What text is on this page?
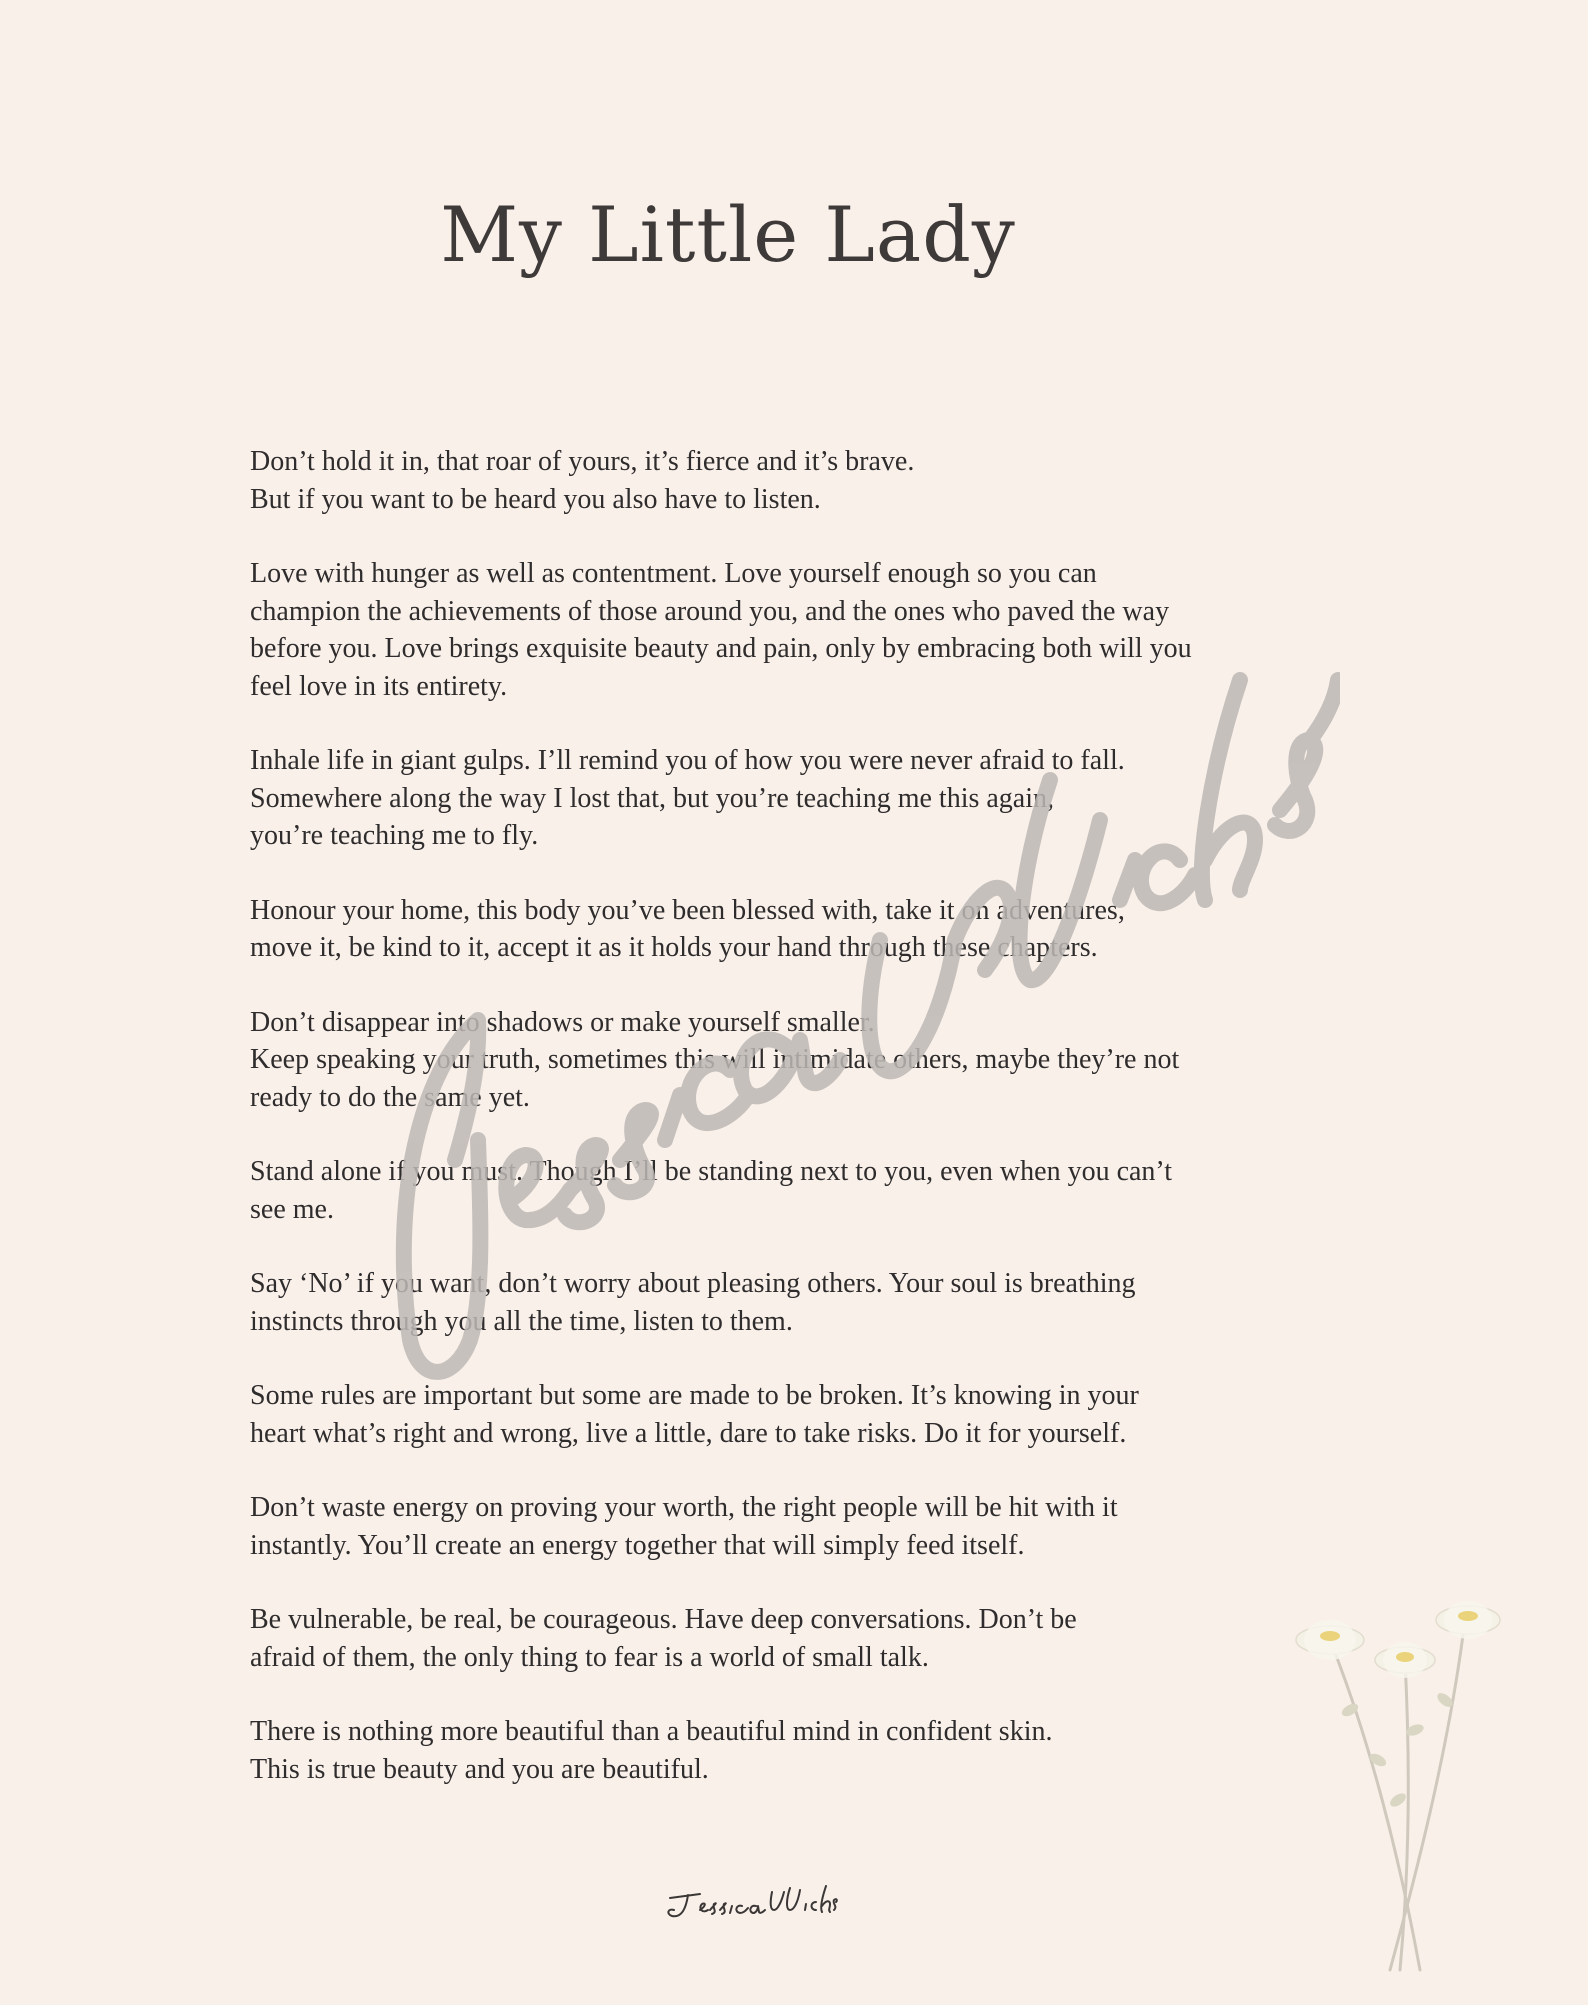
My Little Lady
Don’t hold it in, that roar of yours, it’s fierce and it’s brave.
But if you want to be heard you also have to listen.
Love with hunger as well as contentment. Love yourself enough so you can
champion the achievements of those around you, and the ones who paved the way
before you. Love brings exquisite beauty and pain, only by embracing both will you
feel love in its entirety.
Inhale life in giant gulps. I’ll remind you of how you were never afraid to fall.
Somewhere along the way I lost that, but you’re teaching me this again,
you’re teaching me to fly.
Honour your home, this body you’ve been blessed with, take it on adventures,
move it, be kind to it, accept it as it holds your hand through these chapters.
Don’t disappear into shadows or make yourself smaller.
Keep speaking your truth, sometimes this will intimidate others, maybe they’re not
ready to do the same yet.
Stand alone if you must. Though I’ll be standing next to you, even when you can’t
see me.
Say ‘No’ if you want, don’t worry about pleasing others. Your soul is breathing
instincts through you all the time, listen to them.
Some rules are important but some are made to be broken. It’s knowing in your
heart what’s right and wrong, live a little, dare to take risks. Do it for yourself.
Don’t waste energy on proving your worth, the right people will be hit with it
instantly. You’ll create an energy together that will simply feed itself.
Be vulnerable, be real, be courageous. Have deep conversations. Don’t be
afraid of them, the only thing to fear is a world of small talk.
There is nothing more beautiful than a beautiful mind in confident skin.
This is true beauty and you are beautiful.
